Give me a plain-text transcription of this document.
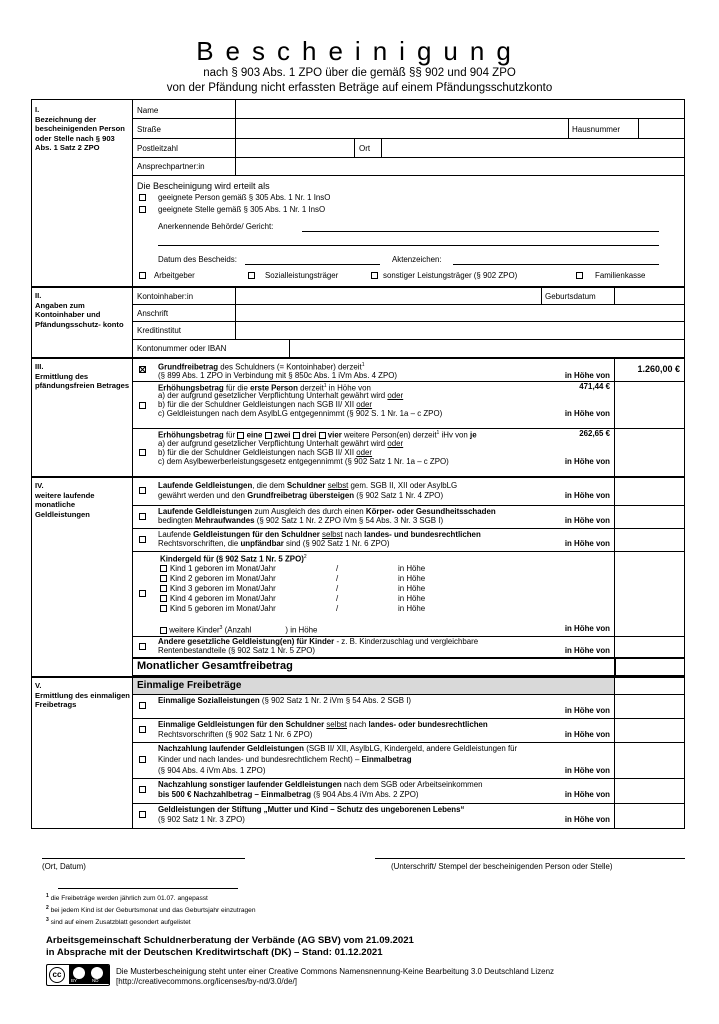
Bescheinigung
nach § 903 Abs. 1 ZPO über die gemäß §§ 902 und 904 ZPO
von der Pfändung nicht erfassten Beträge auf einem Pfändungsschutzkonto
I.
Bezeichnung der bescheinigenden Person oder Stelle nach § 903 Abs. 1 Satz 2 ZPO
Name
Straße	Hausnummer
Postleitzahl	Ort
Ansprechpartner:in
Die Bescheinigung wird erteilt als
geeignete Person gemäß § 305 Abs. 1 Nr. 1 InsO
geeignete Stelle gemäß § 305 Abs. 1 Nr. 1 InsO
Anerkennende Behörde/ Gericht:
Datum des Bescheids:	Aktenzeichen:
Arbeitgeber	Sozialleistungsträger	sonstiger Leistungsträger (§ 902 ZPO)	Familienkasse
II.
Angaben zum Kontoinhaber und Pfändungsschutz- konto
Kontoinhaber:in	Geburtsdatum
Anschrift
Kreditinstitut
Kontonummer oder IBAN
III.
Ermittlung des pfändungsfreien Betrages
Grundfreibetrag des Schuldners (= Kontoinhaber) derzeit$^1$
(§ 899 Abs. 1 ZPO in Verbindung mit § 850c Abs. 1 iVm Abs. 4 ZPO)	in Höhe von
1.260,00 €
Erhöhungsbetrag für die erste Person derzeit$^1$ in Höhe von	471,44 €
a) der aufgrund gesetzlicher Verpflichtung Unterhalt gewährt wird oder
b) für die der Schuldner Geldleistungen nach SGB II/ XII oder
c) Geldleistungen nach dem AsylbLG entgegennimmt (§ 902 S. 1 Nr. 1a – c ZPO)	in Höhe von
Erhöhungsbetrag für  eine zwei drei vier weitere Person(en) derzeit$^1$ iHv von je	262,65 €
a) der aufgrund gesetzlicher Verpflichtung Unterhalt gewährt wird oder
b) für die der Schuldner Geldleistungen nach SGB II/ XII oder
c) dem Asylbewerberleistungsgesetz entgegennimmt (§ 902 Satz 1 Nr. 1a – c ZPO)	in Höhe von
IV.
weitere laufende monatliche Geldleistungen
Laufende Geldleistungen, die dem Schuldner selbst gem. SGB II, XII oder AsylbLG
gewährt werden und den Grundfreibetrag übersteigen (§ 902 Satz 1 Nr. 4 ZPO)	in Höhe von
Laufende Geldleistungen zum Ausgleich des durch einen Körper- oder Gesundheitsschaden
bedingten Mehraufwandes (§ 902 Satz 1 Nr. 2 ZPO iVm § 54 Abs. 3 Nr. 3 SGB I)	in Höhe von
Laufende Geldleistungen für den Schuldner selbst nach landes- und bundesrechtlichen
Rechtsvorschriften, die unpfändbar sind (§ 902 Satz 1 Nr. 6 ZPO)	in Höhe von
Kindergeld für (§ 902 Satz 1 Nr. 5 ZPO)$^2$
Kind 1 geboren im Monat/Jahr	/	in Höhe
Kind 2 geboren im Monat/Jahr	/	in Höhe
Kind 3 geboren im Monat/Jahr	/	in Höhe
Kind 4 geboren im Monat/Jahr	/	in Höhe
Kind 5 geboren im Monat/Jahr	/	in Höhe
weitere Kinder$^3$ (Anzahl	) in Höhe	in Höhe von
Andere gesetzliche Geldleistung(en) für Kinder - z. B. Kinderzuschlag und vergleichbare
Rentenbestandteile (§ 902 Satz 1 Nr. 5 ZPO)	in Höhe von
Monatlicher Gesamtfreibetrag
V.
Ermittlung des einmaligen Freibetrags
Einmalige Freibeträge
Einmalige Sozialleistungen (§ 902 Satz 1 Nr. 2 iVm § 54 Abs. 2 SGB I)
in Höhe von
Einmalige Geldleistungen für den Schuldner selbst nach landes- oder bundesrechtlichen
Rechtsvorschriften (§ 902 Satz 1 Nr. 6 ZPO)	in Höhe von
Nachzahlung laufender Geldleistungen (SGB II/ XII, AsylbLG, Kindergeld, andere Geldleistungen für
Kinder und nach landes- und bundesrechtlichem Recht) – Einmalbetrag
(§ 904 Abs. 4 iVm Abs. 1 ZPO)	in Höhe von
Nachzahlung sonstiger laufender Geldleistungen nach dem SGB oder Arbeitseinkommen
bis 500 € Nachzahlbetrag – Einmalbetrag (§ 904 Abs.4 iVm Abs. 2 ZPO)	in Höhe von
Geldleistungen der Stiftung „Mutter und Kind – Schutz des ungeborenen Lebens“
(§ 902 Satz 1 Nr. 3 ZPO)	in Höhe von
(Ort, Datum)	(Unterschrift/ Stempel der bescheinigenden Person oder Stelle)
$^1$ die Freibeträge werden jährlich zum 01.07. angepasst
$^2$ bei jedem Kind ist der Geburtsmonat und das Geburtsjahr einzutragen
$^3$ sind auf einem Zusatzblatt gesondert aufgelistet
Arbeitsgemeinschaft Schuldnerberatung der Verbände (AG SBV) vom 21.09.2021
in Absprache mit der Deutschen Kreditwirtschaft (DK) – Stand: 01.12.2021
cc
BY	ND
Die Musterbescheinigung steht unter einer Creative Commons Namensnennung-Keine Bearbeitung 3.0 Deutschland Lizenz
[http://creativecommons.org/licenses/by-nd/3.0/de/]
